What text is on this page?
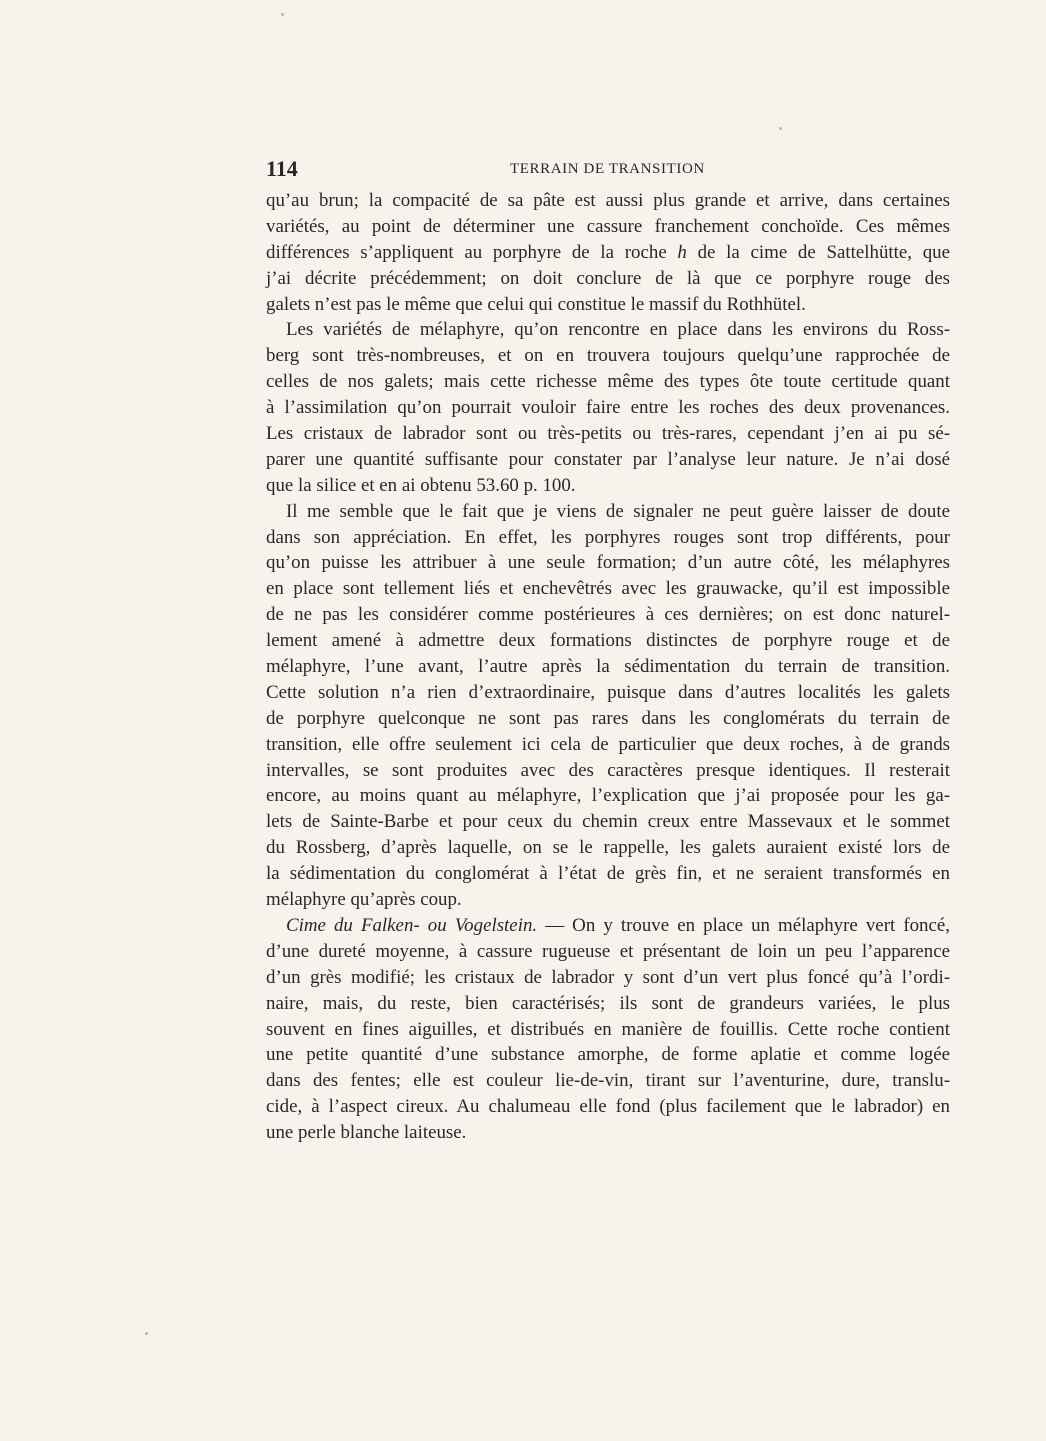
114	TERRAIN DE TRANSITION
qu’au brun; la compacité de sa pâte est aussi plus grande et arrive, dans certaines
variétés, au point de déterminer une cassure franchement conchoïde. Ces mêmes
différences s’appliquent au porphyre de la roche h de la cime de Sattelhütte, que
j’ai décrite précédemment; on doit conclure de là que ce porphyre rouge des
galets n’est pas le même que celui qui constitue le massif du Rothhütel.
Les variétés de mélaphyre, qu’on rencontre en place dans les environs du Ross-
berg sont très-nombreuses, et on en trouvera toujours quelqu’une rapprochée de
celles de nos galets; mais cette richesse même des types ôte toute certitude quant
à l’assimilation qu’on pourrait vouloir faire entre les roches des deux provenances.
Les cristaux de labrador sont ou très-petits ou très-rares, cependant j’en ai pu sé-
parer une quantité suffisante pour constater par l’analyse leur nature. Je n’ai dosé
que la silice et en ai obtenu 53.60 p. 100.
Il me semble que le fait que je viens de signaler ne peut guère laisser de doute
dans son appréciation. En effet, les porphyres rouges sont trop différents, pour
qu’on puisse les attribuer à une seule formation; d’un autre côté, les mélaphyres
en place sont tellement liés et enchevêtrés avec les grauwacke, qu’il est impossible
de ne pas les considérer comme postérieures à ces dernières; on est donc naturel-
lement amené à admettre deux formations distinctes de porphyre rouge et de
mélaphyre, l’une avant, l’autre après la sédimentation du terrain de transition.
Cette solution n’a rien d’extraordinaire, puisque dans d’autres localités les galets
de porphyre quelconque ne sont pas rares dans les conglomérats du terrain de
transition, elle offre seulement ici cela de particulier que deux roches, à de grands
intervalles, se sont produites avec des caractères presque identiques. Il resterait
encore, au moins quant au mélaphyre, l’explication que j’ai proposée pour les ga-
lets de Sainte-Barbe et pour ceux du chemin creux entre Massevaux et le sommet
du Rossberg, d’après laquelle, on se le rappelle, les galets auraient existé lors de
la sédimentation du conglomérat à l’état de grès fin, et ne seraient transformés en
mélaphyre qu’après coup.
Cime du Falken- ou Vogelstein. — On y trouve en place un mélaphyre vert foncé,
d’une dureté moyenne, à cassure rugueuse et présentant de loin un peu l’apparence
d’un grès modifié; les cristaux de labrador y sont d’un vert plus foncé qu’à l’ordi-
naire, mais, du reste, bien caractérisés; ils sont de grandeurs variées, le plus
souvent en fines aiguilles, et distribués en manière de fouillis. Cette roche contient
une petite quantité d’une substance amorphe, de forme aplatie et comme logée
dans des fentes; elle est couleur lie-de-vin, tirant sur l’aventurine, dure, translu-
cide, à l’aspect cireux. Au chalumeau elle fond (plus facilement que le labrador) en
une perle blanche laiteuse.
